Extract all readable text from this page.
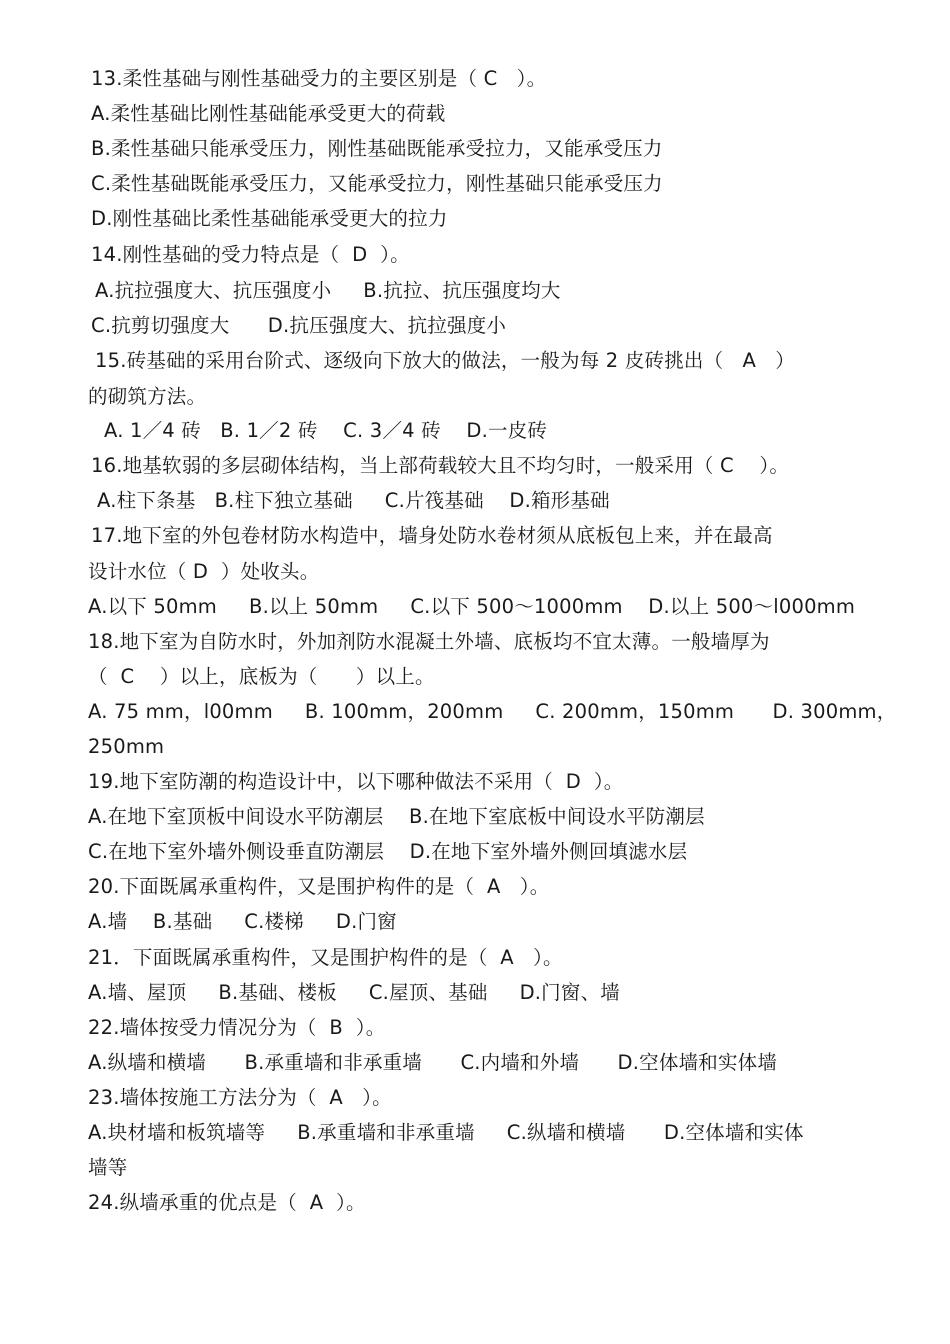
13.柔性基础与刚性基础受力的主要区别是（ C   ）。
A.柔性基础比刚性基础能承受更大的荷载
B.柔性基础只能承受压力，刚性基础既能承受拉力，又能承受压力
C.柔性基础既能承受压力，又能承受拉力，刚性基础只能承受压力
D.刚性基础比柔性基础能承受更大的拉力
14.刚性基础的受力特点是（  D  ）。
A.抗拉强度大、抗压强度小     B.抗拉、抗压强度均大
C.抗剪切强度大      D.抗压强度大、抗拉强度小
15.砖基础的采用台阶式、逐级向下放大的做法，一般为每 2 皮砖挑出（   A   ）
的砌筑方法。
A. 1／4 砖   B. 1／2 砖    C. 3／4 砖    D.一皮砖
16.地基软弱的多层砌体结构，当上部荷载较大且不均匀时，一般采用（ C    ）。
A.柱下条基   B.柱下独立基础     C.片筏基础    D.箱形基础
17.地下室的外包卷材防水构造中，墙身处防水卷材须从底板包上来，并在最高
设计水位（ D  ）处收头。
A.以下 50mm     B.以上 50mm     C.以下 500～1000mm    D.以上 500～l000mm
18.地下室为自防水时，外加剂防水混凝土外墙、底板均不宜太薄。一般墙厚为
（  C    ）以上，底板为（      ）以上。
A. 75 mm，l00mm     B. 100mm，200mm     C. 200mm，150mm      D. 300mm，
250mm
19.地下室防潮的构造设计中，以下哪种做法不采用（  D  ）。
A.在地下室顶板中间设水平防潮层    B.在地下室底板中间设水平防潮层
C.在地下室外墙外侧设垂直防潮层    D.在地下室外墙外侧回填滤水层
20.下面既属承重构件，又是围护构件的是（  A   ）。
A.墙    B.基础     C.楼梯     D.门窗
21．下面既属承重构件，又是围护构件的是（  A   ）。
A.墙、屋顶     B.基础、楼板     C.屋顶、基础     D.门窗、墙
22.墙体按受力情况分为（  B  ）。
A.纵墙和横墙      B.承重墙和非承重墙      C.内墙和外墙      D.空体墙和实体墙
23.墙体按施工方法分为（  A   ）。
A.块材墙和板筑墙等     B.承重墙和非承重墙     C.纵墙和横墙      D.空体墙和实体
墙等
24.纵墙承重的优点是（  A  ）。
